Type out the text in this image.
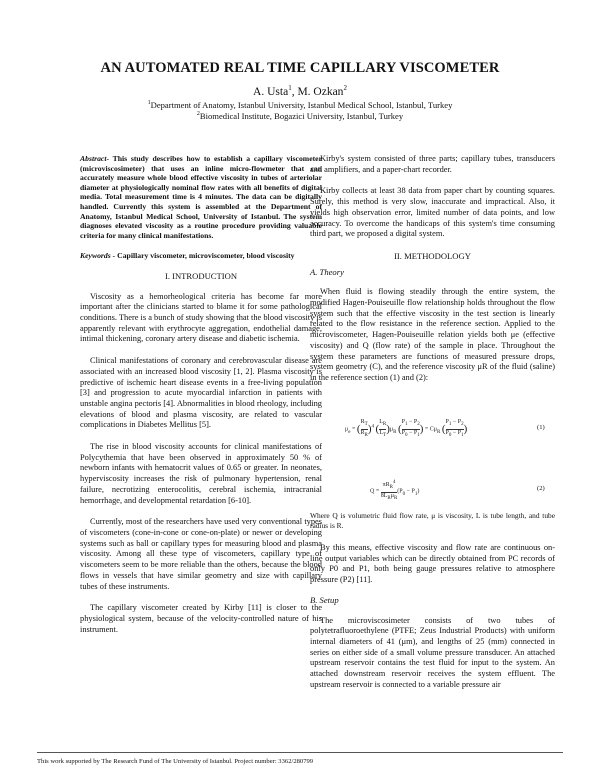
AN AUTOMATED REAL TIME CAPILLARY VISCOMETER
A. Usta$^1$, M. Ozkan$^2$
$^1$Department of Anatomy, Istanbul University, Istanbul Medical School, Istanbul, Turkey
$^2$Biomedical Institute, Bogazici University, Istanbul, Turkey

Abstract- This study describes how to establish a capillary viscometer (microviscosimeter) that uses an inline micro-flowmeter that can accurately measure whole blood effective viscosity in tubes of arteriolar diameter at physiologically nominal flow rates with all benefits of digital media. Total measurement time is 4 minutes. The data can be digitally handled. Currently this system is assembled at the Department of Anatomy, Istanbul Medical School, University of Istanbul. The system diagnoses elevated viscosity as a routine procedure providing valuable criteria for many clinical manifestations.

Keywords - Capillary viscometer, microviscometer, blood viscosity

I. INTRODUCTION

Viscosity as a hemorheological criteria has become far more important after the clinicians started to blame it for some pathological conditions. There is a bunch of study showing that the blood viscosity is apparently relevant with erythrocyte aggregation, endothelial damage, intimal thickening, coronary artery disease and diabetic ischemia.

Clinical manifestations of coronary and cerebrovascular disease are associated with an increased blood viscosity [1, 2]. Plasma viscosity is predictive of ischemic heart disease events in a free-living population [3] and progression to acute myocardial infarction in patients with unstable angina pectoris [4]. Abnormalities in blood rheology, including elevations of blood and plasma viscosity, are related to vascular complications in Diabetes Mellitus [5].

The rise in blood viscosity accounts for clinical manifestations of Polycythemia that have been observed in approximately 50 % of newborn infants with hematocrit values of 0.65 or greater. In neonates, hyperviscosity increases the risk of pulmonary hypertension, renal failure, necrotizing enterocolitis, cerebral ischemia, intracranial hemorrhage, and developmental retardation [6-10].

Currently, most of the researchers have used very conventional types of viscometers (cone-in-cone or cone-on-plate) or newer or developing systems such as ball or capillary types for measuring blood and plasma viscosity. Among all these type of viscometers, capillary type of viscometers seem to be more reliable than the others, because the blood flows in vessels that have similar geometry and size with capillary tubes of these instruments.

The capillary viscometer created by Kirby [11] is closer to the physiological system, because of the velocity-controlled nature of his instrument.

Kirby's system consisted of three parts; capillary tubes, transducers and amplifiers, and a paper-chart recorder.

Kirby collects at least 38 data from paper chart by counting squares. Surely, this method is very slow, inaccurate and impractical. Also, it yields high observation error, limited number of data points, and low accuracy. To overcome the handicaps of this system's time consuming third part, we proposed a digital system.

II. METHODOLOGY

A. Theory

When fluid is flowing steadily through the entire system, the modified Hagen-Pouiseuille flow relationship holds throughout the flow system such that the effective viscosity in the test section is linearly related to the flow resistance in the reference section. Applied to the microviscometer, Hagen-Pouiseuille relation yields both μe (effective viscosity) and Q (flow rate) of the sample in place. Throughout the system these parameters are functions of measured pressure drops, system geometry (C), and the reference viscosity μR of the fluid (saline) in the reference section (1) and (2):

$\mu_e$ = ( $\frac{R_T}{R_R} )^4$ ( $\frac{L_R}{L_T} )\mu_R$ ( $\frac{P_1 - P_2}{P_0 - P_1}$ ) = $C\mu_R$ ( $\frac{P_1 - P_2}{P_0 - P_1}$ )	(1)
$Q = \frac{\pi R_R^4}{8L_R\mu_R} (P_0 - P_1)$	(2)

Where Q is volumetric fluid flow rate, μ is viscosity, L is tube length, and tube radius is R.

By this means, effective viscosity and flow rate are continuous on-line output variables which can be directly obtained from PC records of only P0 and P1, both being gauge pressures relative to atmosphere pressure (P2) [11].

B. Setup

The microviscosimeter consists of two tubes of polytetrafluoroethylene (PTFE; Zeus Industrial Products) with uniform internal diameters of 41 (μm), and lengths of 25 (mm) connected in series on either side of a small volume pressure transducer. An attached upstream reservoir contains the test fluid for input to the system. An attached downstream reservoir receives the system effluent. The upstream reservoir is connected to a variable pressure air

This work supported by The Research Fund of The University of Istanbul. Project number: 3362/280799
